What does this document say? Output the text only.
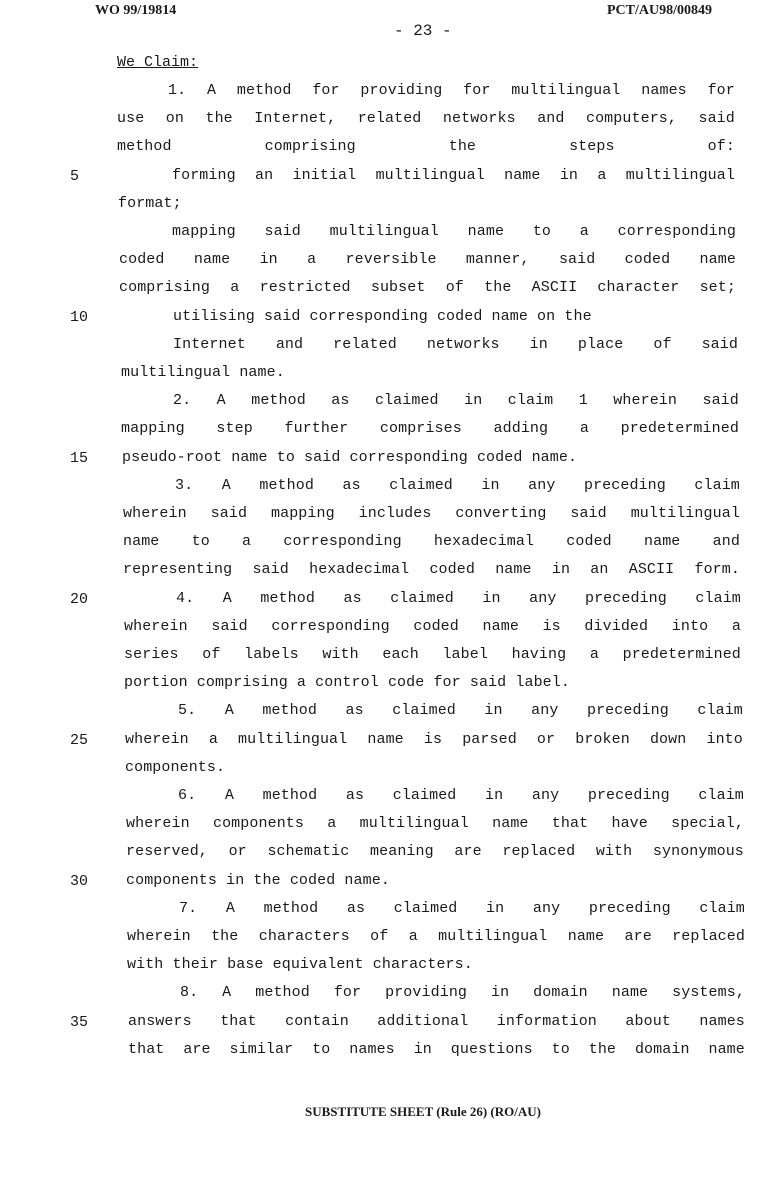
WO 99/19814	PCT/AU98/00849
- 23 -
We Claim:
1. A method for providing for multilingual names for
use on the Internet, related networks and computers, said
method	comprising	the	steps	of:
5	forming an initial multilingual name in a multilingual
format;
mapping said multilingual name to a corresponding
coded name in a reversible manner, said coded name
comprising a restricted subset of the ASCII character set;
10	utilising said corresponding coded name on the
Internet and related networks in place of said
multilingual name.
2. A method as claimed in claim 1 wherein said
mapping step further comprises adding a predetermined
15 pseudo-root name to said corresponding coded name.
3. A method as claimed in any preceding claim
wherein said mapping includes converting said multilingual
name to a corresponding hexadecimal coded name and
representing said hexadecimal coded name in an ASCII form.
20	4. A method as claimed in any preceding claim
wherein said corresponding coded name is divided into a
series of labels with each label having a predetermined
portion comprising a control code for said label.
5. A method as claimed in any preceding claim
25 wherein a multilingual name is parsed or broken down into
components.
6. A method as claimed in any preceding claim
wherein components a multilingual name that have special,
reserved, or schematic meaning are replaced with synonymous
30	components in the coded name.
7. A method as claimed in any preceding claim
wherein the characters of a multilingual name are replaced
with their base equivalent characters.
8. A method for providing in domain name systems,
35	answers that contain additional information about names
that are similar to names in questions to the domain name
SUBSTITUTE SHEET (Rule 26) (RO/AU)
